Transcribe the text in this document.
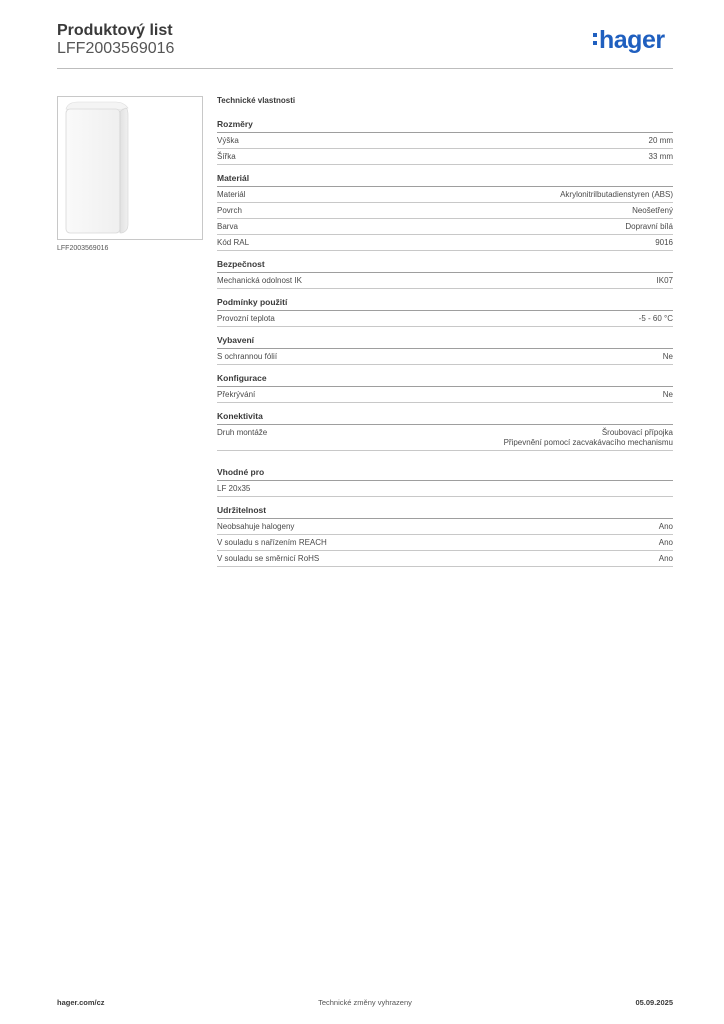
Produktový list
LFF2003569016	hager
LFF2003569016
Technické vlastnosti
Rozměry
Výška	20 mm
Šířka	33 mm
Materiál
Materiál	Akrylonitrilbutadienstyren (ABS)
Povrch	Neošetřený
Barva	Dopravní bílá
Kód RAL	9016
Bezpečnost
Mechanická odolnost IK	IK07
Podmínky použití
Provozní teplota	-5 - 60 °C
Vybavení
S ochrannou fólií	Ne
Konfigurace
Překrývání	Ne
Konektivita
Druh montáže	Šroubovací přípojka
Připevnění pomocí zacvakávacího mechanismu
Vhodné pro
LF 20x35
Udržitelnost
Neobsahuje halogeny	Ano
V souladu s nařízením REACH	Ano
V souladu se směrnicí RoHS	Ano
hager.com/cz	Technické změny vyhrazeny	05.09.2025
